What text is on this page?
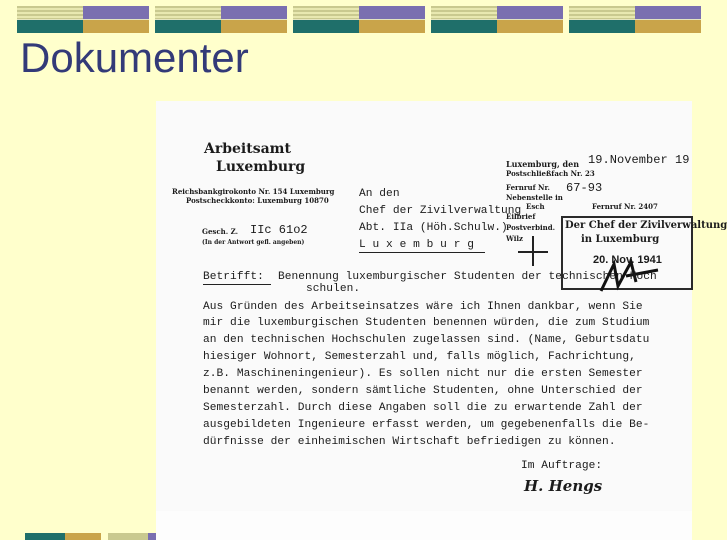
Dokumenter
Arbeitsamt
Luxemburg
Reichsbankgirokonto Nr. 154 Luxemburg
Postscheckkonto: Luxemburg 10870
Gesch. Z. IIc 61o2
(In der Antwort gefl. angeben)
An den
Chef der Zivilverwaltung
Abt. IIa (Höh.Schulw.)
L u x e m b u r g
Luxemburg, den 19.November 19
Postschließfach Nr. 23
Fernruf Nr. 67-93
Nebenstelle in
Esch	Fernruf Nr. 2407
Eilbrief
Postverbind.
Wilz
Der Chef der Zivilverwaltung
in Luxemburg
20. Nov. 1941
Betrifft: Benennung luxemburgischer Studenten der technischen Hoch
schulen.
Aus Gründen des Arbeitseinsatzes wäre ich Ihnen dankbar, wenn Sie
mir die luxemburgischen Studenten benennen würden, die zum Studium
an den technischen Hochschulen zugelassen sind. (Name, Geburtsdatu
hiesiger Wohnort, Semesterzahl und, falls möglich, Fachrichtung,
z.B. Maschineningenieur). Es sollen nicht nur die ersten Semester
benannt werden, sondern sämtliche Studenten, ohne Unterschied der
Semesterzahl. Durch diese Angaben soll die zu erwartende Zahl der
ausgebildeten Ingenieure erfasst werden, um gegebenenfalls die Be-
dürfnisse der einheimischen Wirtschaft befriedigen zu können.
Im Auftrage:
H. Hengs
